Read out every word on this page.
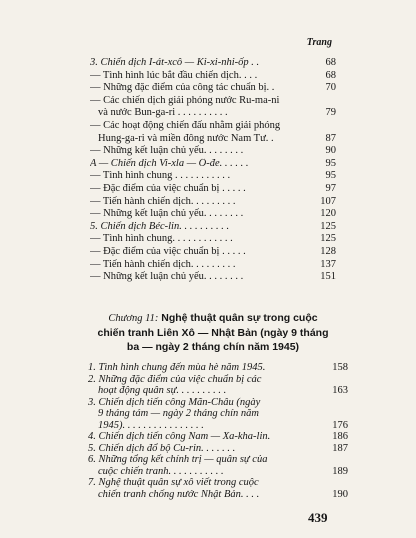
Trang
3. Chiến dịch I-át-xcô — Ki-xi-nhi-ốp . .	68
— Tình hình lúc bắt đầu chiến dịch. . . .	68
— Những đặc điểm của công tác chuẩn bị. .	70
— Các chiến dịch giải phóng nước Ru-ma-ni
và nước Bun-ga-ri . . . . . . . . . .	79
— Các hoạt động chiến đấu nhằm giải phóng
Hung-ga-ri và miền đông nước Nam Tư. .	87
— Những kết luận chủ yếu. . . . . . . .	90
A — Chiến dịch Vi-xla — Ô-đe. . . . . .	95
— Tình hình chung . . . . . . . . . . .	95
— Đặc điểm của việc chuẩn bị . . . . .	97
— Tiến hành chiến dịch. . . . . . . . .	107
— Những kết luận chủ yếu. . . . . . . .	120
5. Chiến dịch Béc-lin. . . . . . . . . .	125
— Tình hình chung. . . . . . . . . . . .	125
— Đặc điểm của việc chuẩn bị . . . . .	128
— Tiến hành chiến dịch. . . . . . . . .	137
— Những kết luận chủ yếu. . . . . . . .	151
Chương 11: Nghệ thuật quân sự trong cuộc
chiến tranh Liên Xô — Nhật Bản (ngày 9 tháng
ba — ngày 2 tháng chín năm 1945)
1. Tình hình chung đến mùa hè năm 1945.	158
2. Những đặc điểm của việc chuẩn bị các
hoạt động quân sự. . . . . . . . . .	163
3. Chiến dịch tiến công Mãn-Châu (ngày
9 tháng tám — ngày 2 tháng chín năm
1945). . . . . . . . . . . . . . . .	176
4. Chiến dịch tiến công Nam — Xa-kha-lin.	186
5. Chiến dịch đổ bộ Cu-rin. . . . . . .	187
6. Những tổng kết chính trị — quân sự của
cuộc chiến tranh. . . . . . . . . . .	189
7. Nghệ thuật quân sự xô viết trong cuộc
chiến tranh chống nước Nhật Bản. . . .	190
439
